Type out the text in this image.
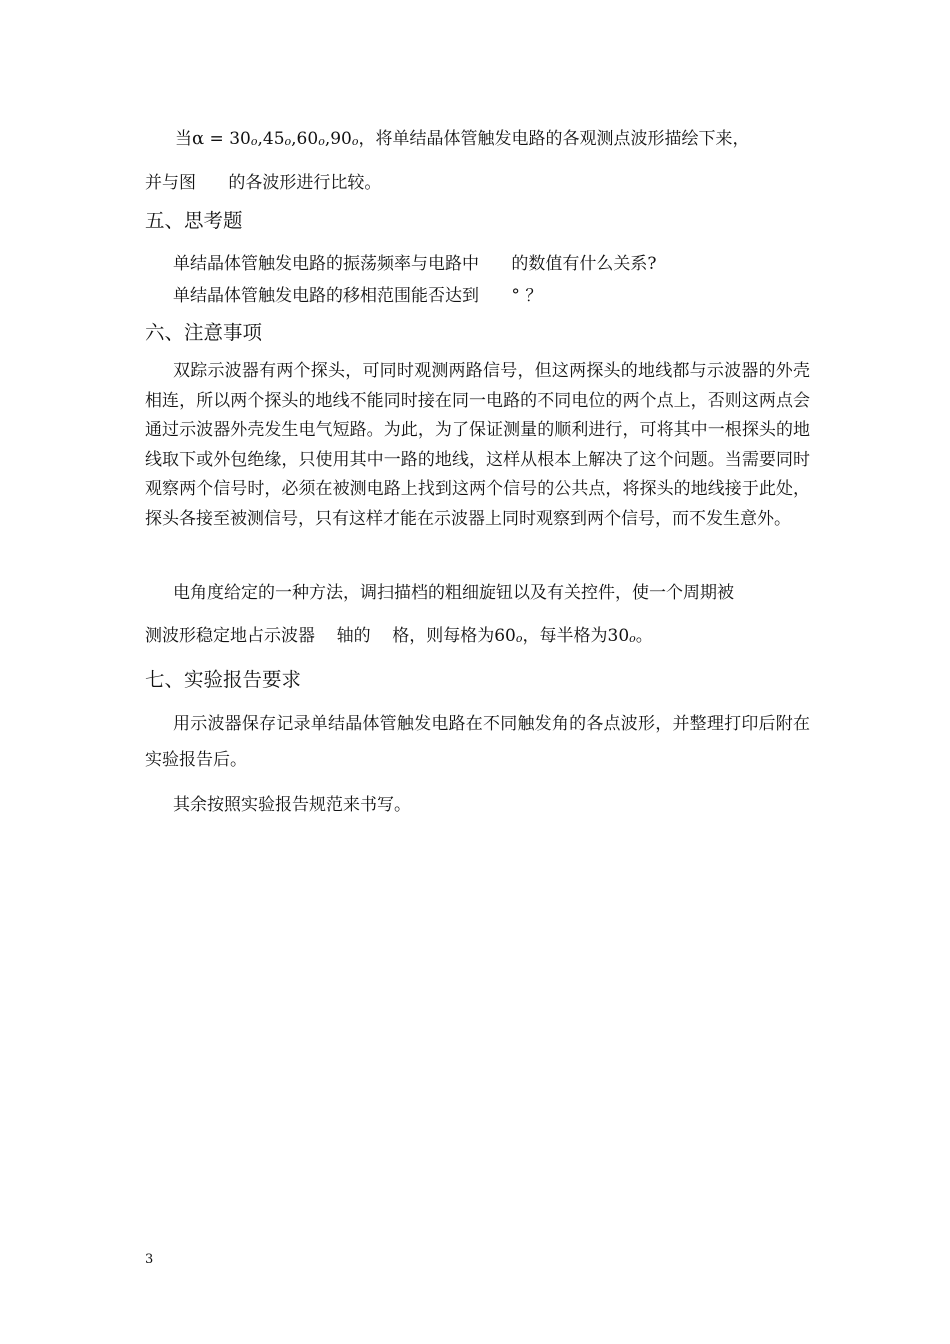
当α = 30o,45o,60o,90o，将单结晶体管触发电路的各观测点波形描绘下来，

并与图      的各波形进行比较。

五、思考题

单结晶体管触发电路的振荡频率与电路中      的数值有什么关系?

单结晶体管触发电路的移相范围能否达到      ° ？

六、注意事项

双踪示波器有两个探头，可同时观测两路信号，但这两探头的地线都与示波器的外壳相连，所以两个探头的地线不能同时接在同一电路的不同电位的两个点上，否则这两点会通过示波器外壳发生电气短路。为此，为了保证测量的顺利进行，可将其中一根探头的地线取下或外包绝缘，只使用其中一路的地线，这样从根本上解决了这个问题。当需要同时观察两个信号时，必须在被测电路上找到这两个信号的公共点，将探头的地线接于此处，探头各接至被测信号，只有这样才能在示波器上同时观察到两个信号，而不发生意外。

电角度给定的一种方法，调扫描档的粗细旋钮以及有关控件，使一个周期被

测波形稳定地占示波器    轴的    格，则每格为60o，每半格为30o。

七、实验报告要求

用示波器保存记录单结晶体管触发电路在不同触发角的各点波形，并整理打印后附在实验报告后。

其余按照实验报告规范来书写。

3
